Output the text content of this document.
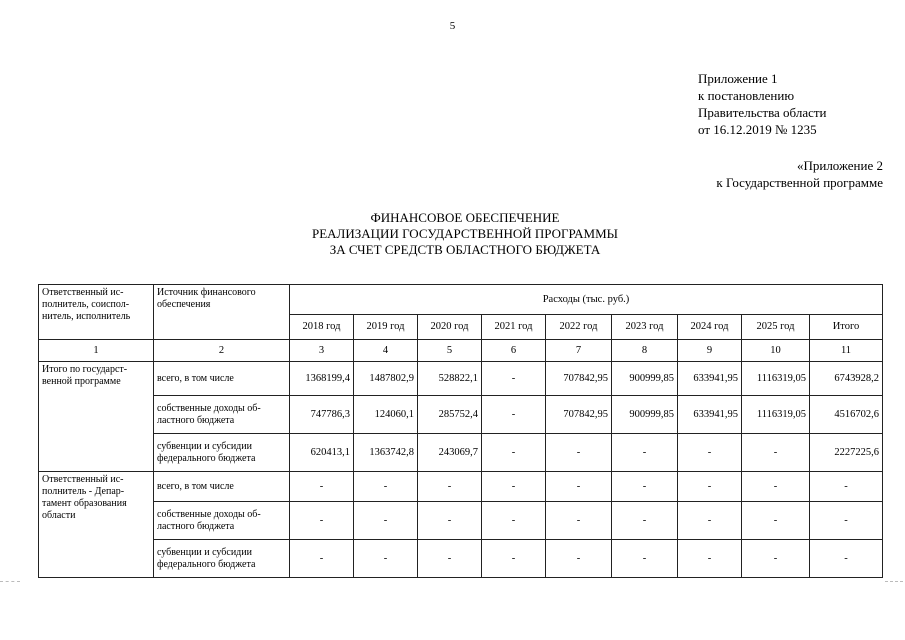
5
Приложение 1
к постановлению
Правительства области
от 16.12.2019 № 1235
«Приложение 2
к Государственной программе
ФИНАНСОВОЕ ОБЕСПЕЧЕНИЕ
РЕАЛИЗАЦИИ ГОСУДАРСТВЕННОЙ ПРОГРАММЫ
ЗА СЧЕТ СРЕДСТВ ОБЛАСТНОГО БЮДЖЕТА
Ответственный ис-полнитель, соиспол-нитель, исполнитель	Источник финансового обеспечения	Расходы (тыс. руб.)								
		2018 год	2019 год	2020 год	2021 год	2022 год	2023 год	2024 год	2025 год	Итого
1	2	3	4	5	6	7	8	9	10	11
Итого по государст-венной программе	всего, в том числе	1368199,4	1487802,9	528822,1	-	707842,95	900999,85	633941,95	1116319,05	6743928,2
	собственные доходы об-ластного бюджета	747786,3	124060,1	285752,4	-	707842,95	900999,85	633941,95	1116319,05	4516702,6
	субвенции и субсидии федерального бюджета	620413,1	1363742,8	243069,7	-	-	-	-	-	2227225,6
Ответственный ис-полнитель - Депар-тамент образования области	всего, в том числе	-	-	-	-	-	-	-	-	-
	собственные доходы об-ластного бюджета	-	-	-	-	-	-	-	-	-
	субвенции и субсидии федерального бюджета	-	-	-	-	-	-	-	-	-
